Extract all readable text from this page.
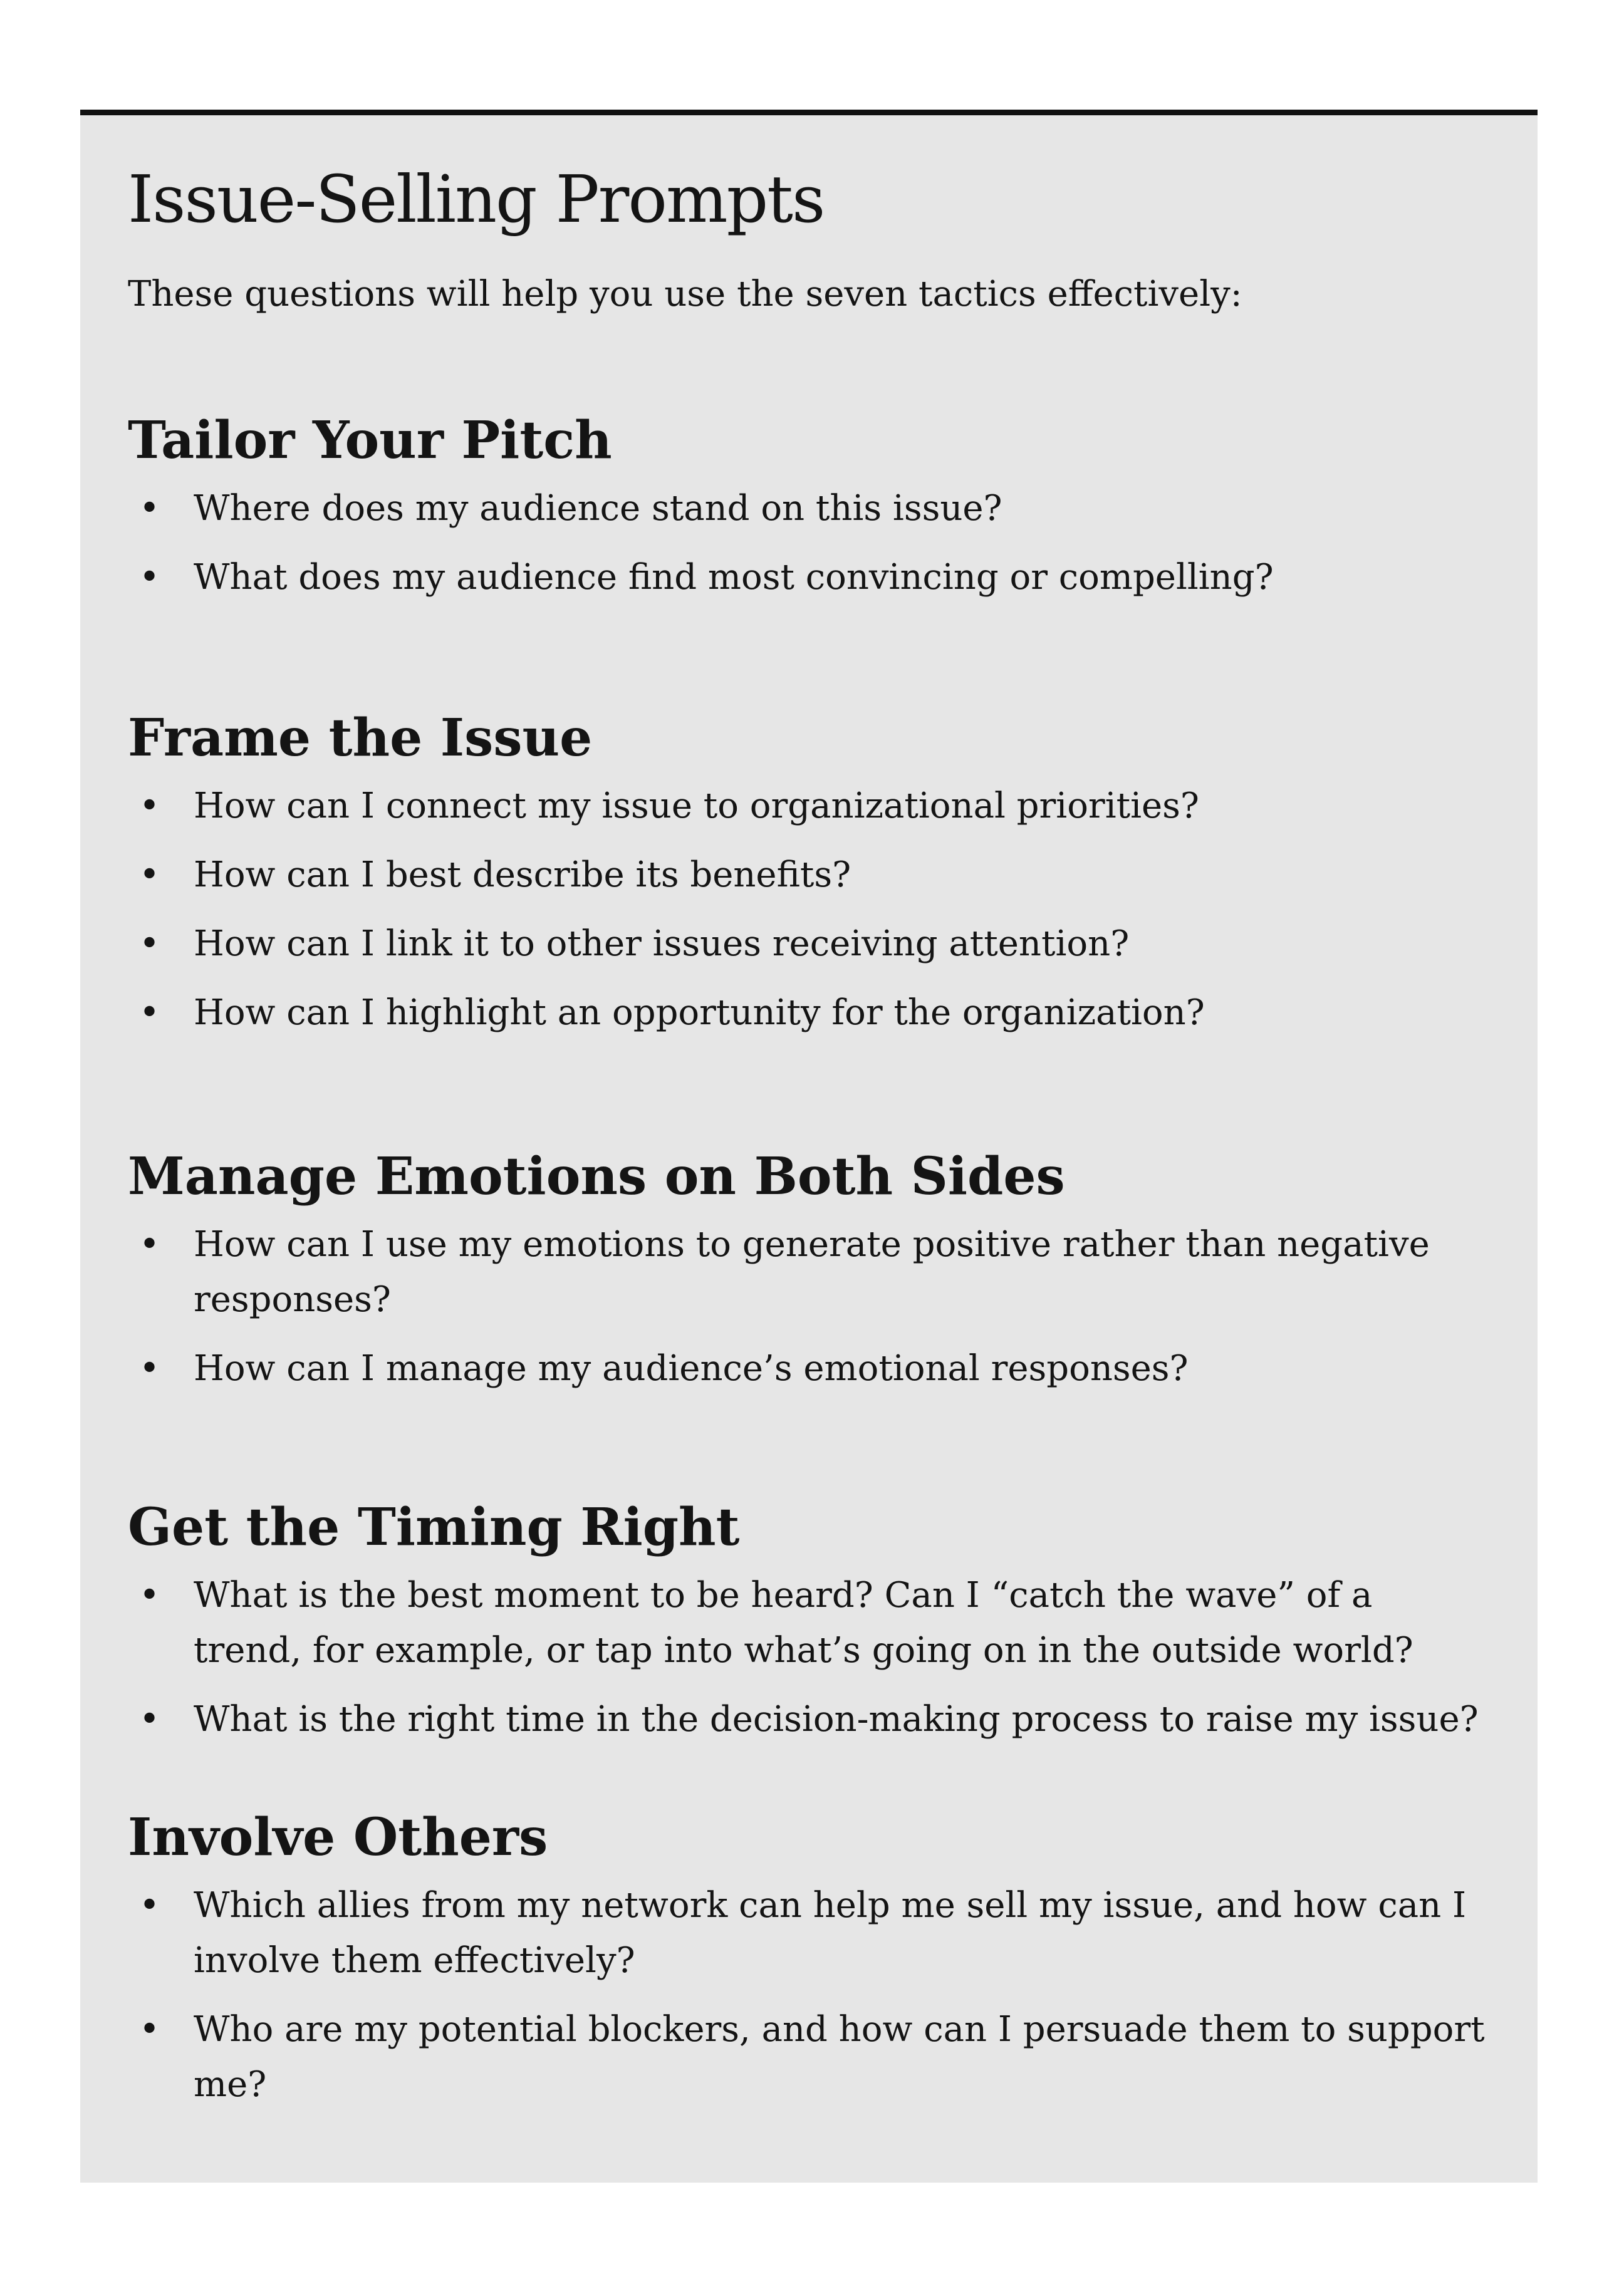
Issue-Selling Prompts

These questions will help you use the seven tactics effectively:

Tailor Your Pitch
• Where does my audience stand on this issue?
• What does my audience find most convincing or compelling?
Frame the Issue
• How can I connect my issue to organizational priorities?
• How can I best describe its benefits?
• How can I link it to other issues receiving attention?
• How can I highlight an opportunity for the organization?
Manage Emotions on Both Sides
• How can I use my emotions to generate positive rather than negative responses?
• How can I manage my audience’s emotional responses?
Get the Timing Right
• What is the best moment to be heard? Can I “catch the wave” of a trend, for example, or tap into what’s going on in the outside world?
• What is the right time in the decision-making process to raise my issue?
Involve Others
• Which allies from my network can help me sell my issue, and how can I involve them effectively?
• Who are my potential blockers, and how can I persuade them to support me?
